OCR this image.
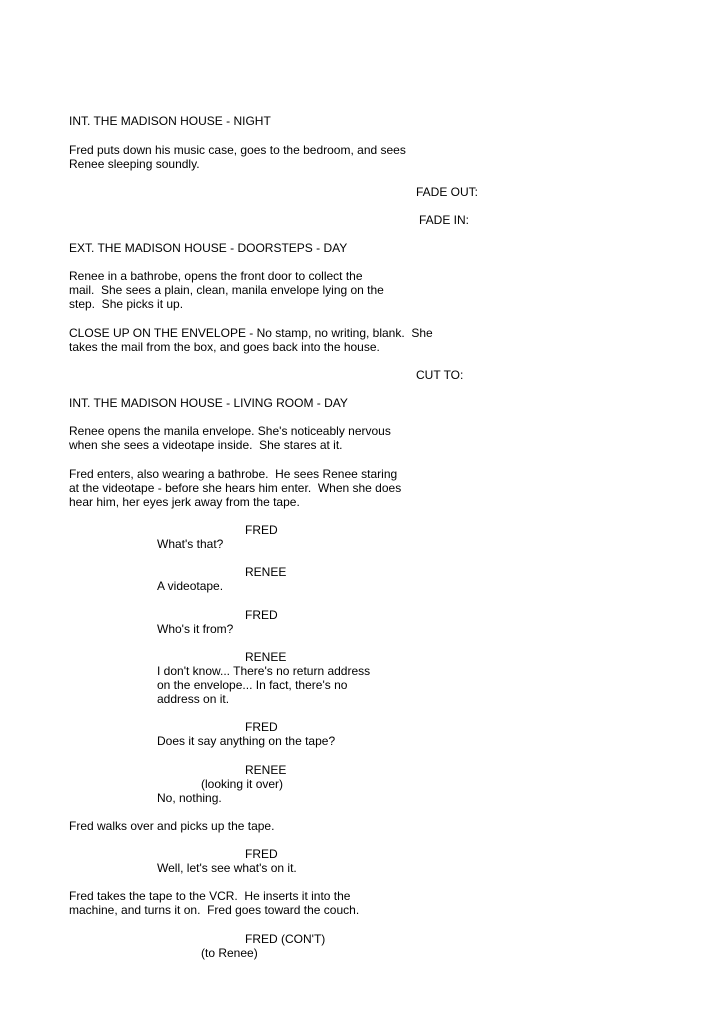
INT. THE MADISON HOUSE - NIGHT

Fred puts down his music case, goes to the bedroom, and sees

Renee sleeping soundly.

FADE OUT:

FADE IN:

EXT. THE MADISON HOUSE - DOORSTEPS - DAY

Renee in a bathrobe, opens the front door to collect the

mail.  She sees a plain, clean, manila envelope lying on the

step.  She picks it up.

CLOSE UP ON THE ENVELOPE - No stamp, no writing, blank.  She

takes the mail from the box, and goes back into the house.

CUT TO:

INT. THE MADISON HOUSE - LIVING ROOM - DAY

Renee opens the manila envelope. She's noticeably nervous

when she sees a videotape inside.  She stares at it.

Fred enters, also wearing a bathrobe.  He sees Renee staring

at the videotape - before she hears him enter.  When she does

hear him, her eyes jerk away from the tape.

FRED

What's that?

RENEE

A videotape.

FRED

Who's it from?

RENEE

I don't know... There's no return address

on the envelope... In fact, there's no

address on it.

FRED

Does it say anything on the tape?

RENEE

(looking it over)

No, nothing.

Fred walks over and picks up the tape.

FRED

Well, let's see what's on it.

Fred takes the tape to the VCR.  He inserts it into the

machine, and turns it on.  Fred goes toward the couch.

FRED (CON'T)

(to Renee)
